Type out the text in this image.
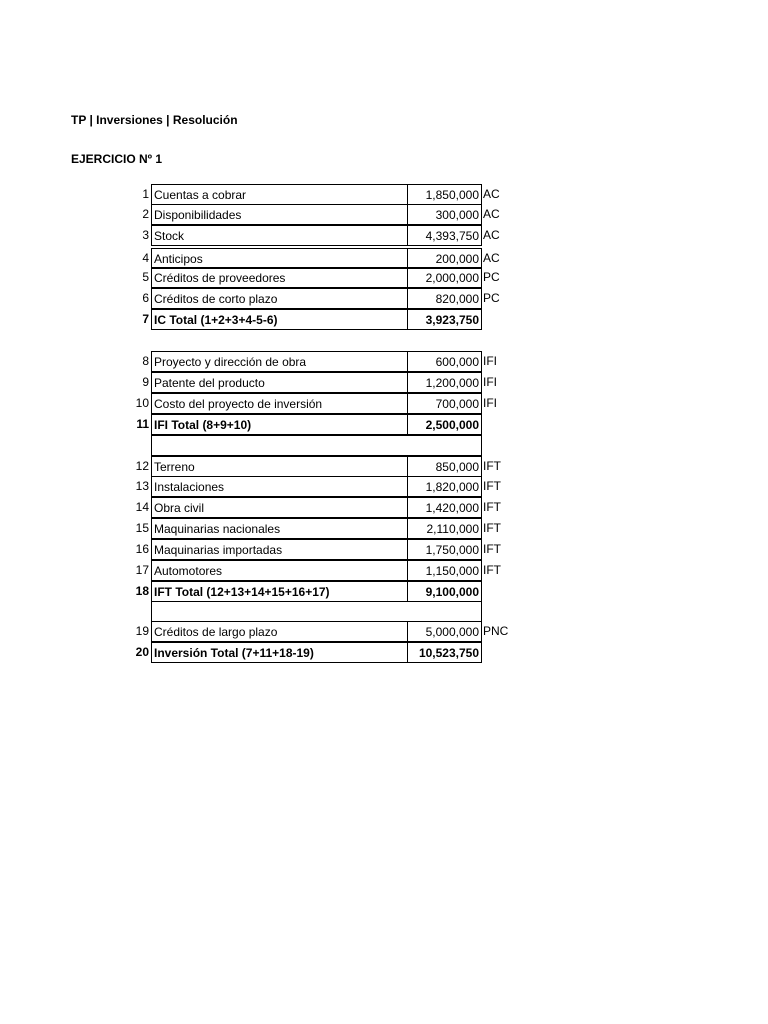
TP | Inversiones | Resolución
EJERCICIO Nº 1
1 Cuentas a cobrar	1,850,000 AC
2 Disponibilidades	300,000 AC
3 Stock	4,393,750 AC
4 Anticipos	200,000 AC
5 Créditos de proveedores	2,000,000 PC
6 Créditos de corto plazo	820,000 PC
7 IC Total (1+2+3+4-5-6)	3,923,750
8 Proyecto y dirección de obra	600,000 IFI
9 Patente del producto	1,200,000 IFI
10 Costo del proyecto de inversión	700,000 IFI
11 IFI Total (8+9+10)	2,500,000
12 Terreno	850,000 IFT
13 Instalaciones	1,820,000 IFT
14 Obra civil	1,420,000 IFT
15 Maquinarias nacionales	2,110,000 IFT
16 Maquinarias importadas	1,750,000 IFT
17 Automotores	1,150,000 IFT
18 IFT Total (12+13+14+15+16+17)	9,100,000
19 Créditos de largo plazo	5,000,000 PNC
20 Inversión Total (7+11+18-19)	10,523,750
